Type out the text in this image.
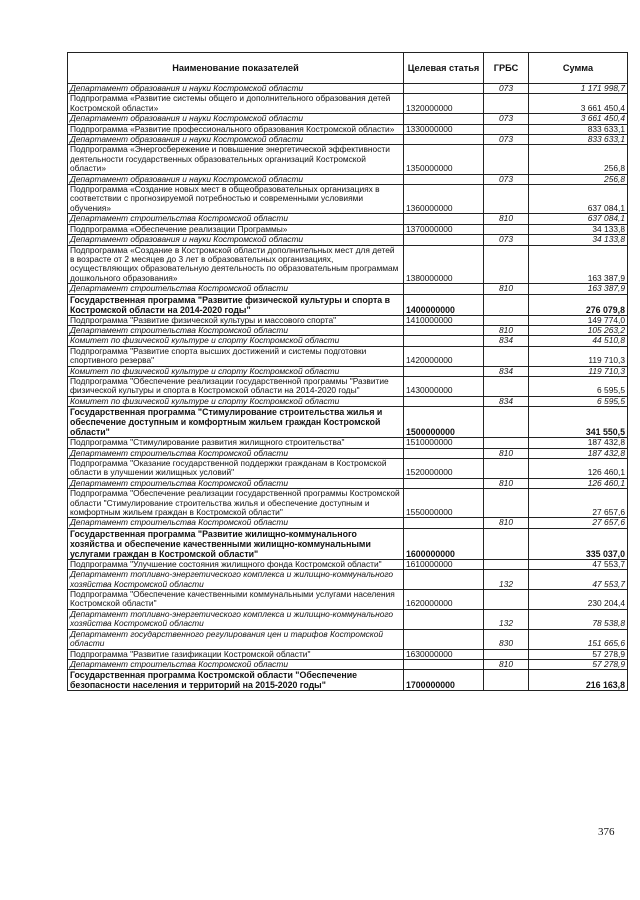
Наименование показателей	Целевая статья	ГРБС	Сумма
Департамент образования и науки Костромской области		073	1 171 998,7
Подпрограмма «Развитие системы общего и дополнительного образования детей Костромской области»	1320000000		3 661 450,4
Департамент образования и науки Костромской области		073	3 661 450,4
Подпрограмма «Развитие профессионального образования Костромской области»	1330000000		833 633,1
Департамент образования и науки Костромской области		073	833 633,1
Подпрограмма «Энергосбережение и повышение энергетической эффективности деятельности государственных образовательных организаций Костромской области»	1350000000		256,8
Департамент образования и науки Костромской области		073	256,8
Подпрограмма «Создание новых мест в общеобразовательных организациях в соответствии с прогнозируемой потребностью и современными условиями обучения»	1360000000		637 084,1
Департамент строительства Костромской области		810	637 084,1
Подпрограмма «Обеспечение реализации Программы»	1370000000		34 133,8
Департамент образования и науки Костромской области		073	34 133,8
Подпрограмма «Создание в Костромской области дополнительных мест для детей в возрасте от 2 месяцев до 3 лет в образовательных организациях, осуществляющих образовательную деятельность по образовательным программам дошкольного образования»	1380000000		163 387,9
Департамент строительства Костромской области		810	163 387,9
Государственная программа "Развитие физической культуры и спорта в Костромской области на 2014-2020 годы"	1400000000		276 079,8
Подпрограмма "Развитие физической культуры и массового спорта"	1410000000		149 774,0
Департамент строительства Костромской области		810	105 263,2
Комитет по физической культуре и спорту Костромской области		834	44 510,8
Подпрограмма "Развитие спорта высших достижений и системы подготовки спортивного резерва"	1420000000		119 710,3
Комитет по физической культуре и спорту Костромской области		834	119 710,3
Подпрограмма "Обеспечение реализации государственной программы "Развитие физической культуры и спорта в Костромской области на 2014-2020 годы"	1430000000		6 595,5
Комитет по физической культуре и спорту Костромской области		834	6 595,5
Государственная программа "Стимулирование строительства жилья и обеспечение доступным и комфортным жильем граждан Костромской области"	1500000000		341 550,5
Подпрограмма "Стимулирование развития жилищного строительства"	1510000000		187 432,8
Департамент строительства Костромской области		810	187 432,8
Подпрограмма "Оказание государственной поддержки гражданам в Костромской области в улучшении жилищных условий"	1520000000		126 460,1
Департамент строительства Костромской области		810	126 460,1
Подпрограмма "Обеспечение реализации государственной программы Костромской области "Стимулирование строительства жилья и обеспечение доступным и комфортным жильем граждан в Костромской области"	1550000000		27 657,6
Департамент строительства Костромской области		810	27 657,6
Государственная программа "Развитие жилищно-коммунального хозяйства и обеспечение качественными жилищно-коммунальными услугами граждан в Костромской области"	1600000000		335 037,0
Подпрограмма "Улучшение состояния жилищного фонда Костромской области"	1610000000		47 553,7
Департамент топливно-энергетического комплекса и жилищно-коммунального хозяйства Костромской области		132	47 553,7
Подпрограмма "Обеспечение качественными коммунальными услугами населения Костромской области"	1620000000		230 204,4
Департамент топливно-энергетического комплекса и жилищно-коммунального хозяйства Костромской области		132	78 538,8
Департамент государственного регулирования цен и тарифов Костромской области		830	151 665,6
Подпрограмма "Развитие газификации Костромской области"	1630000000		57 278,9
Департамент строительства Костромской области		810	57 278,9
Государственная программа Костромской области "Обеспечение безопасности населения и территорий на 2015-2020 годы"	1700000000		216 163,8
376
